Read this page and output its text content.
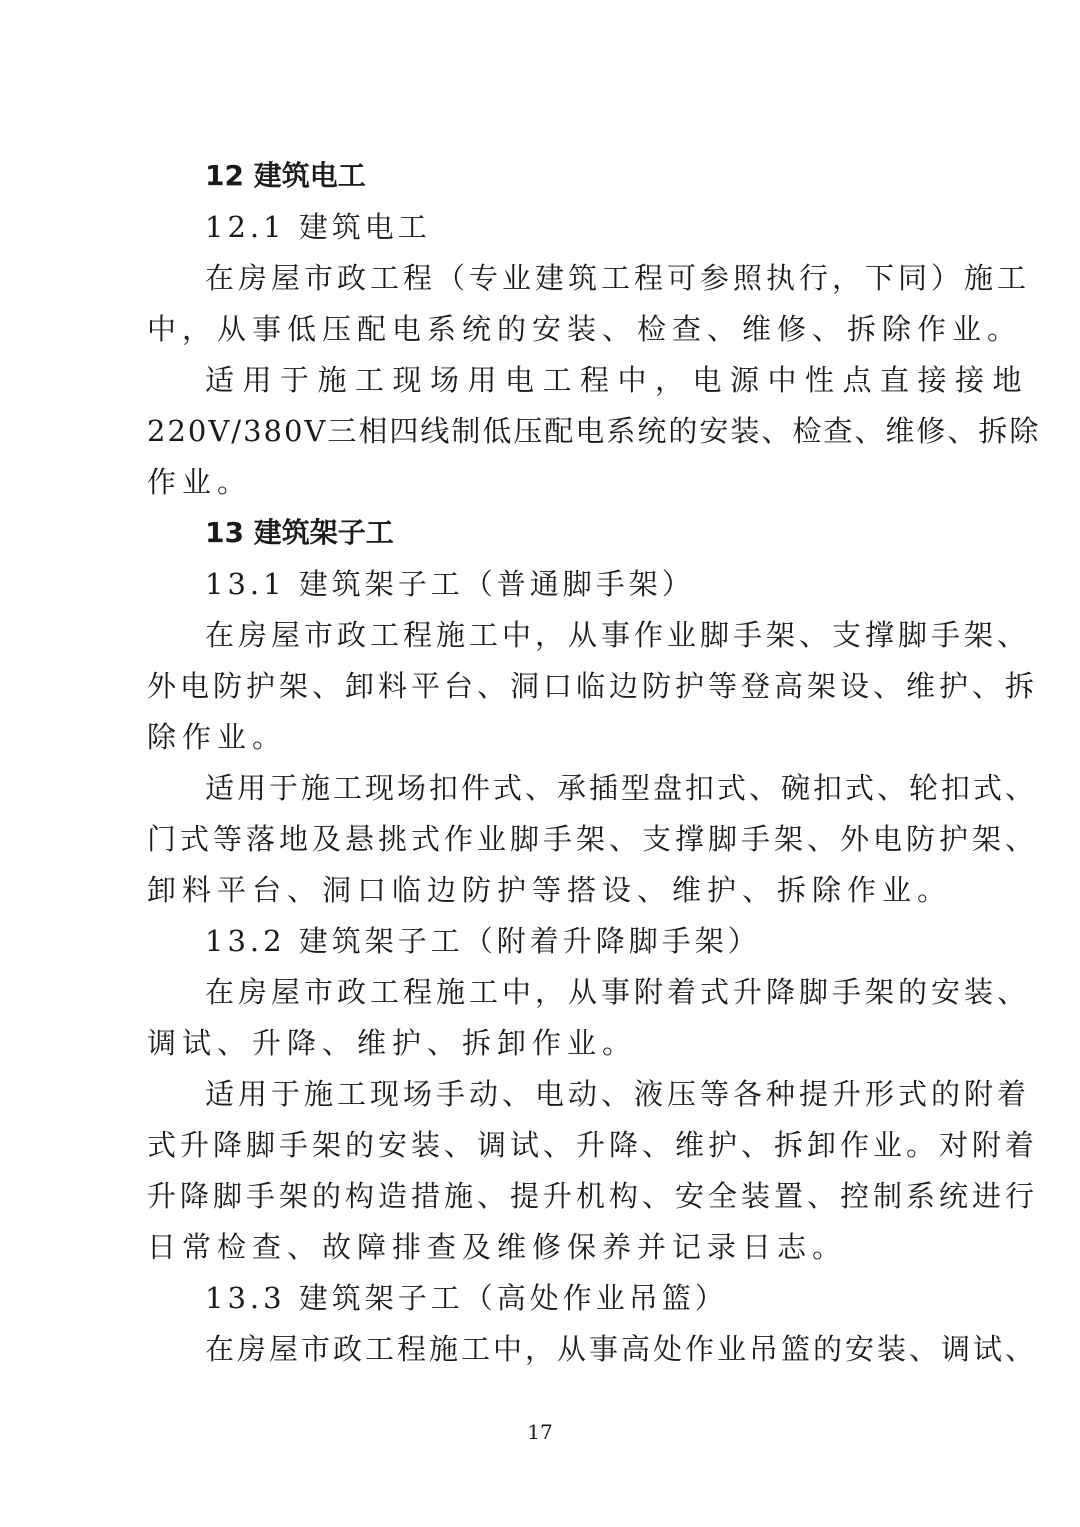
12 建筑电工
12.1 建筑电工
在房屋市政工程（专业建筑工程可参照执行，下同）施工
中，从事低压配电系统的安装、检查、维修、拆除作业。
适用于施工现场用电工程中，电源中性点直接接地
220V/380V三相四线制低压配电系统的安装、检查、维修、拆除
作业。
13 建筑架子工
13.1 建筑架子工（普通脚手架）
在房屋市政工程施工中，从事作业脚手架、支撑脚手架、
外电防护架、卸料平台、洞口临边防护等登高架设、维护、拆
除作业。
适用于施工现场扣件式、承插型盘扣式、碗扣式、轮扣式、
门式等落地及悬挑式作业脚手架、支撑脚手架、外电防护架、
卸料平台、洞口临边防护等搭设、维护、拆除作业。
13.2 建筑架子工（附着升降脚手架）
在房屋市政工程施工中，从事附着式升降脚手架的安装、
调试、升降、维护、拆卸作业。
适用于施工现场手动、电动、液压等各种提升形式的附着
式升降脚手架的安装、调试、升降、维护、拆卸作业。对附着
升降脚手架的构造措施、提升机构、安全装置、控制系统进行
日常检查、故障排查及维修保养并记录日志。
13.3 建筑架子工（高处作业吊篮）
在房屋市政工程施工中，从事高处作业吊篮的安装、调试、
17
